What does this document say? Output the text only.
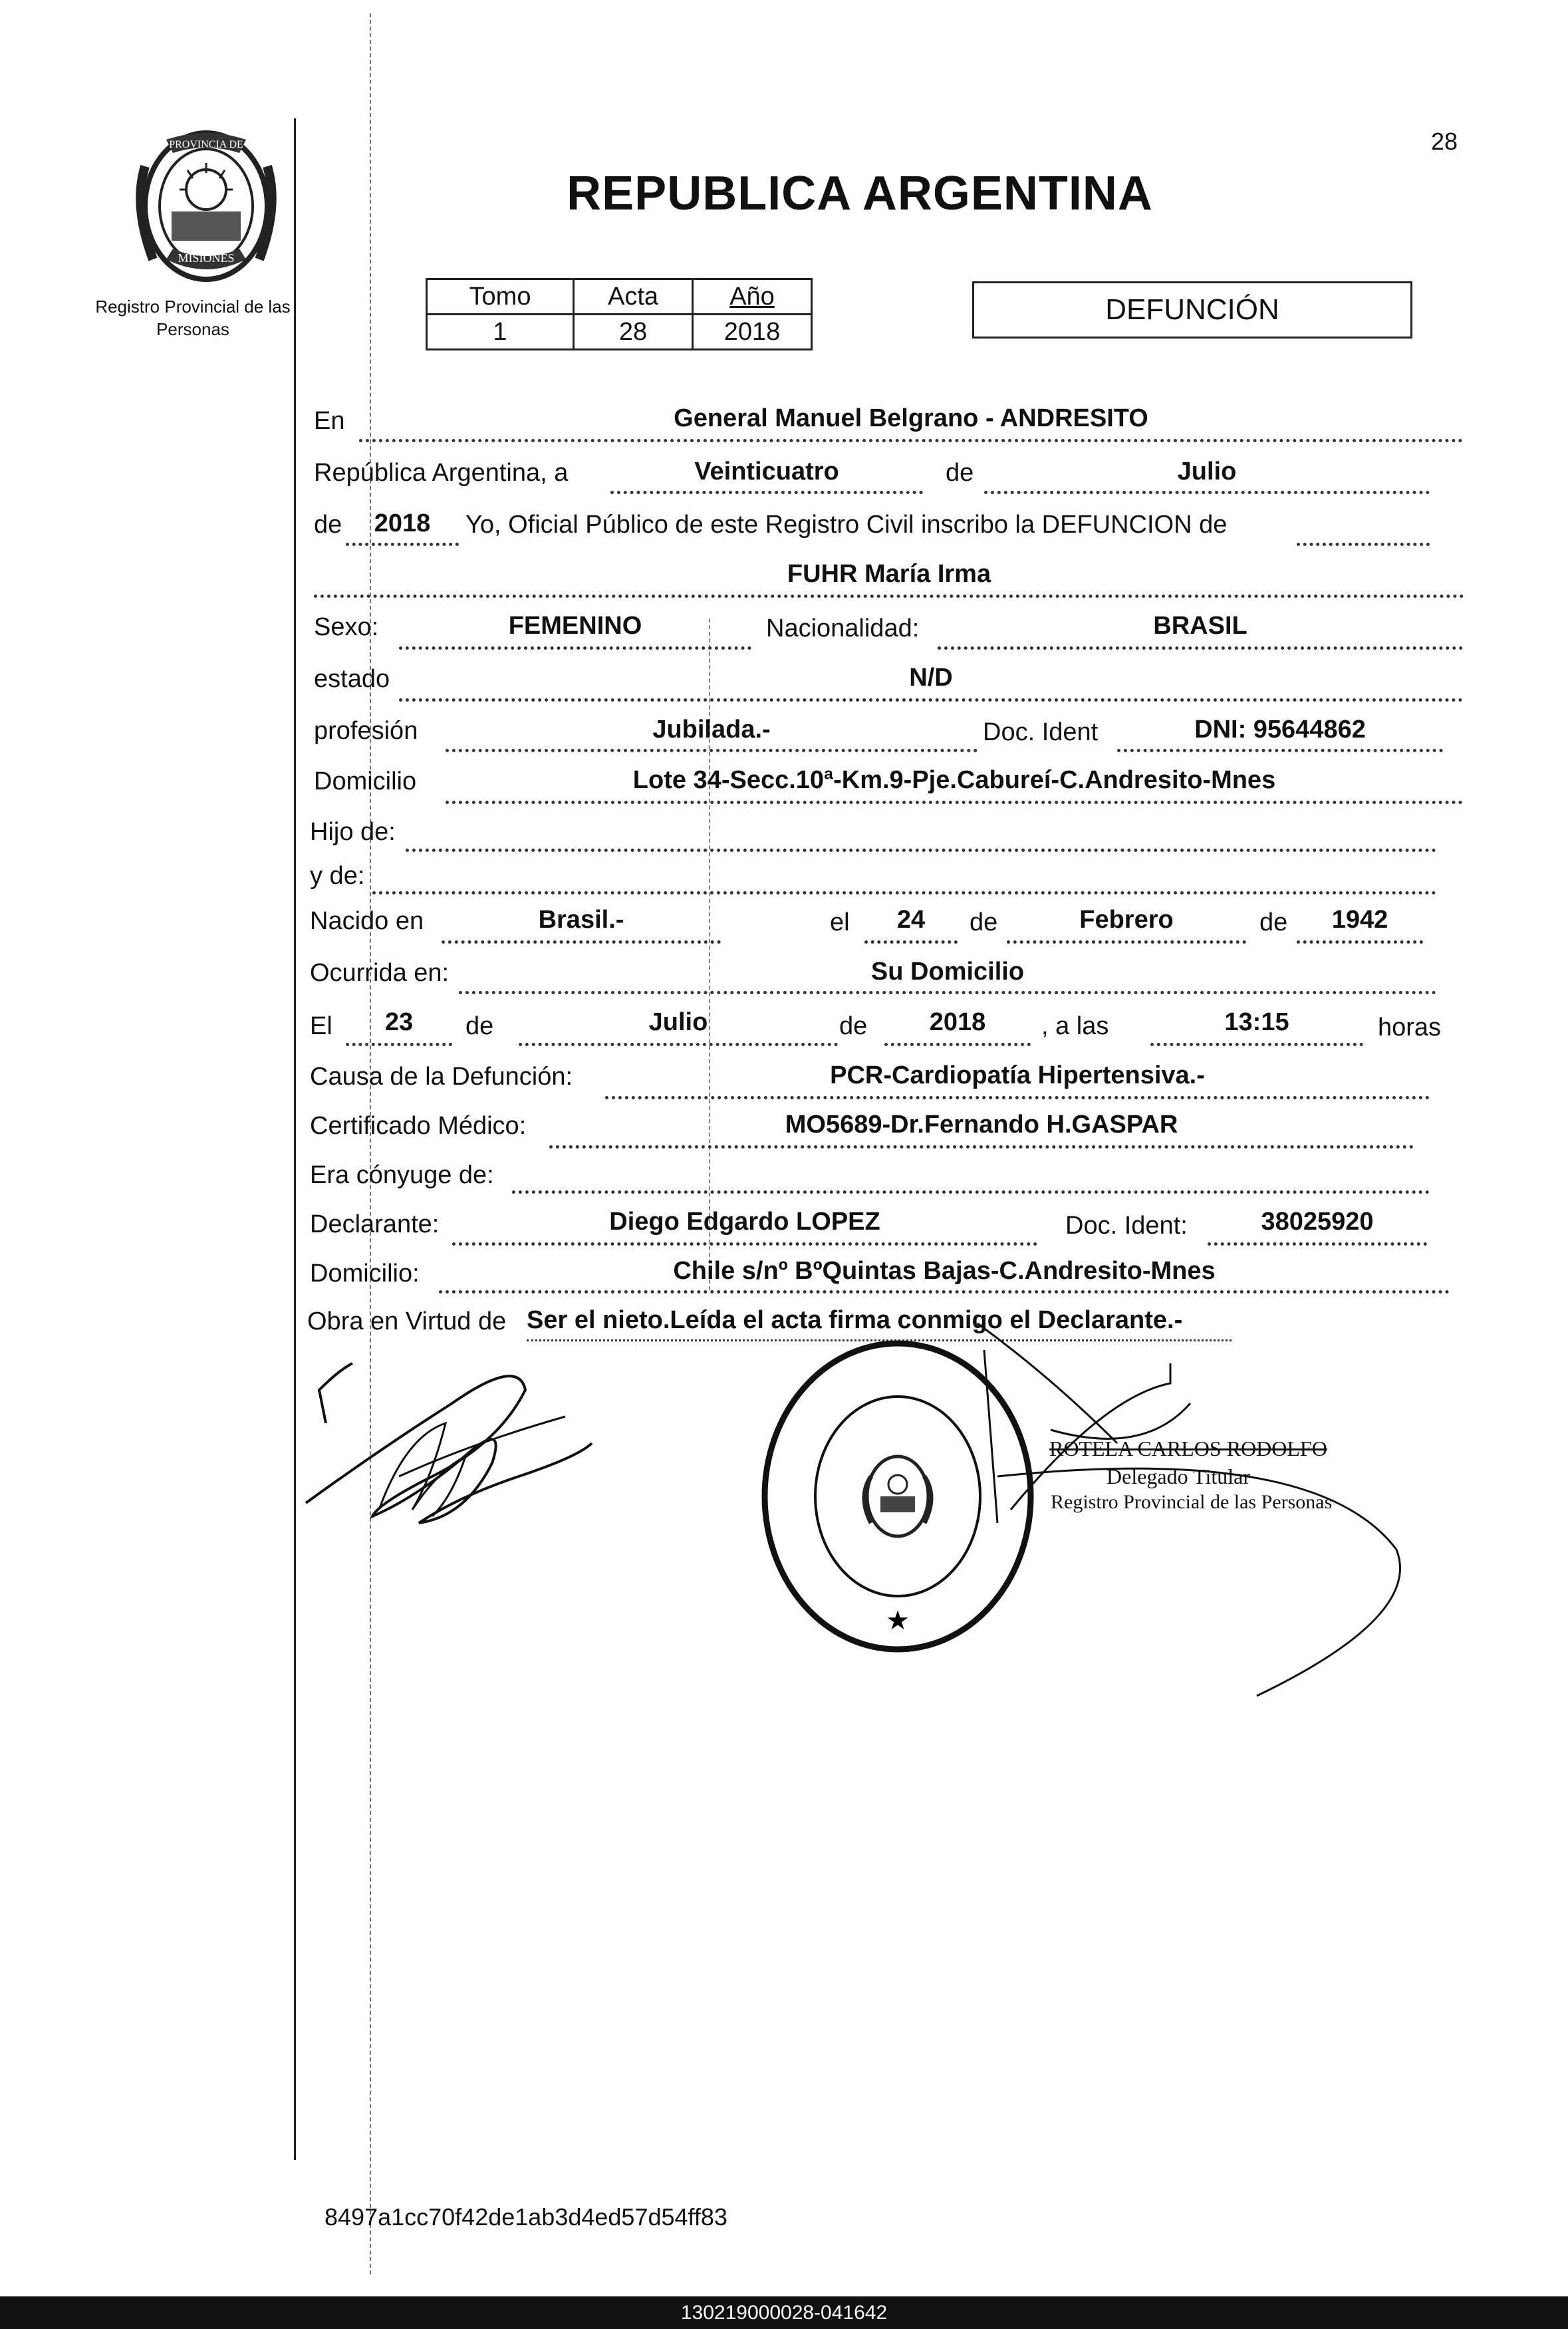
28
PROVINCIA DE
MISIONES
Registro Provincial de las Personas
REPUBLICA ARGENTINA
Tomo	Acta	Año
1	28	2018
DEFUNCIÓN
En	General Manuel Belgrano - ANDRESITO
República Argentina, a	Veinticuatro	de	Julio
de	2018	Yo, Oficial Público de este Registro Civil inscribo la DEFUNCION de
FUHR María Irma
Sexo:	FEMENINO	Nacionalidad:	BRASIL
estado	N/D
profesión	Jubilada.-	Doc. Ident	DNI: 95644862
Domicilio	Lote 34-Secc.10ª-Km.9-Pje.Cabureí-C.Andresito-Mnes
Hijo de:
y de:
Nacido en	Brasil.-	el	24	de	Febrero	de	1942
Ocurrida en:	Su Domicilio
El	23	de	Julio	de	2018	, a las	13:15	horas
Causa de la Defunción:	PCR-Cardiopatía Hipertensiva.-
Certificado Médico:	MO5689-Dr.Fernando H.GASPAR
Era cónyuge de:
Declarante:	Diego Edgardo LOPEZ	Doc. Ident:	38025920
Domicilio:	Chile s/nº BºQuintas Bajas-C.Andresito-Mnes
Obra en Virtud de Ser el nieto.Leída el acta firma conmigo el Declarante.-
★
ROTELA CARLOS RODOLFO
Delegado Titular
Registro Provincial de las Personas
8497a1cc70f42de1ab3d4ed57d54ff83
130219000028-041642
